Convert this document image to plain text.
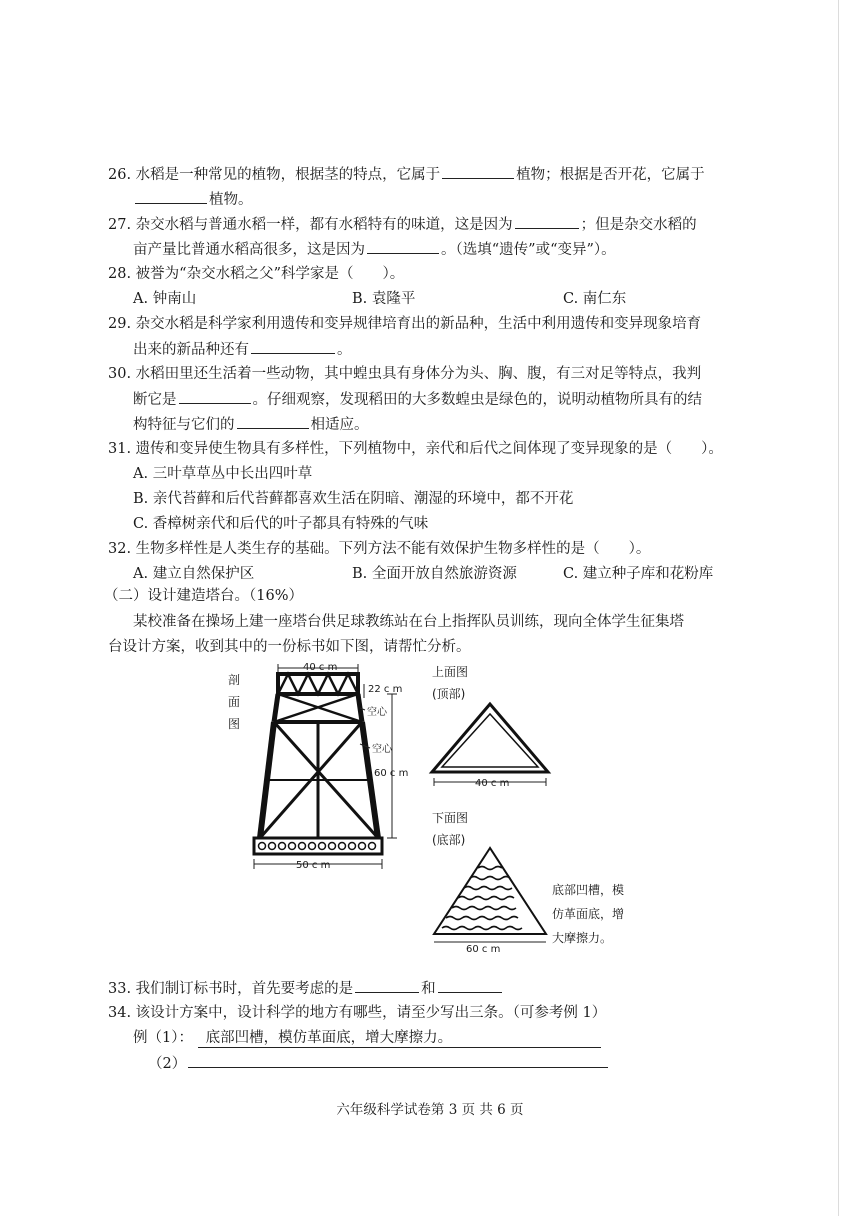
26. 水稻是一种常见的植物，根据茎的特点，它属于	植物；根据是否开花，它属于
植物。
27. 杂交水稻与普通水稻一样，都有水稻特有的味道，这是因为	；但是杂交水稻的
亩产量比普通水稻高很多，这是因为	。（选填“遗传”或“变异”）。
28. 被誉为“杂交水稻之父”科学家是（　　）。
A. 钟南山	B. 袁隆平	C. 南仁东
29. 杂交水稻是科学家利用遗传和变异规律培育出的新品种，生活中利用遗传和变异现象培育
出来的新品种还有	。
30. 水稻田里还生活着一些动物，其中蝗虫具有身体分为头、胸、腹，有三对足等特点，我判
断它是	。仔细观察，发现稻田的大多数蝗虫是绿色的，说明动植物所具有的结
构特征与它们的	相适应。
31. 遗传和变异使生物具有多样性，下列植物中，亲代和后代之间体现了变异现象的是（　　）。
A. 三叶草草丛中长出四叶草
B. 亲代苔藓和后代苔藓都喜欢生活在阴暗、潮湿的环境中，都不开花
C. 香樟树亲代和后代的叶子都具有特殊的气味
32. 生物多样性是人类生存的基础。下列方法不能有效保护生物多样性的是（　　）。
A. 建立自然保护区	B. 全面开放自然旅游资源	C. 建立种子库和花粉库
（二）设计建造塔台。（16%）
某校准备在操场上建一座塔台供足球教练站在台上指挥队员训练，现向全体学生征集塔
台设计方案，收到其中的一份标书如下图，请帮忙分析。
剖
面
图
40 c m
22 c m
空心
空心
60 c m
50 c m
上面图
(顶部)
40 c m
下面图
(底部)
60 c m
底部凹槽，模
仿革面底，增
大摩擦力。
33. 我们制订标书时，首先要考虑的是	和
34. 该设计方案中，设计科学的地方有哪些，请至少写出三条。（可参考例 1）
例（1）： 底部凹槽，模仿革面底，增大摩擦力。
（2）
六年级科学试卷第 3 页 共 6 页
